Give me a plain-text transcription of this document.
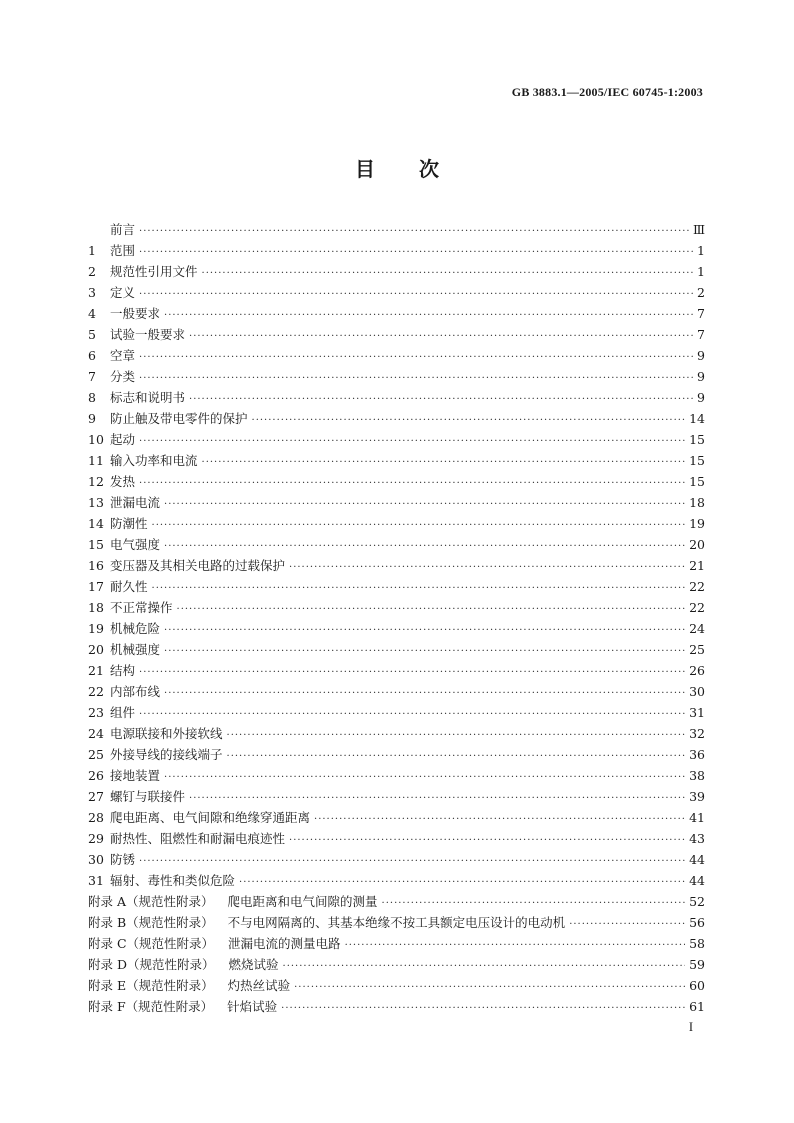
GB 3883.1—2005/IEC 60745-1:2003
目 次
前言 ·····	Ⅲ
1	范围 ·····	1
2	规范性引用文件 ·····	1
3	定义 ·····	2
4	一般要求 ·····	7
5	试验一般要求 ·····	7
6	空章 ·····	9
7	分类 ·····	9
8	标志和说明书 ·····	9
9	防止触及带电零件的保护 ·····	14
10 起动 ·····	15
11 输入功率和电流 ·····	15
12 发热 ·····	15
13 泄漏电流 ·····	18
14 防潮性 ·····	19
15 电气强度 ·····	20
16 变压器及其相关电路的过载保护 ·····	21
17 耐久性 ·····	22
18 不正常操作 ·····	22
19 机械危险 ·····	24
20 机械强度 ·····	25
21 结构 ·····	26
22 内部布线 ·····	30
23 组件 ·····	31
24 电源联接和外接软线 ·····	32
25 外接导线的接线端子 ·····	36
26 接地装置 ·····	38
27 螺钉与联接件 ·····	39
28 爬电距离、电气间隙和绝缘穿通距离 ·····	41
29 耐热性、阻燃性和耐漏电痕迹性 ·····	43
30 防锈 ·····	44
31 辐射、毒性和类似危险 ·····	44
附录 A（规范性附录）	爬电距离和电气间隙的测量 ·····	52
附录 B（规范性附录）	不与电网隔离的、其基本绝缘不按工具额定电压设计的电动机 ·····	56
附录 C（规范性附录）	泄漏电流的测量电路 ·····	58
附录 D（规范性附录）	燃烧试验 ·····	59
附录 E（规范性附录）	灼热丝试验 ·····	60
附录 F（规范性附录）	针焰试验 ·····	61
I
